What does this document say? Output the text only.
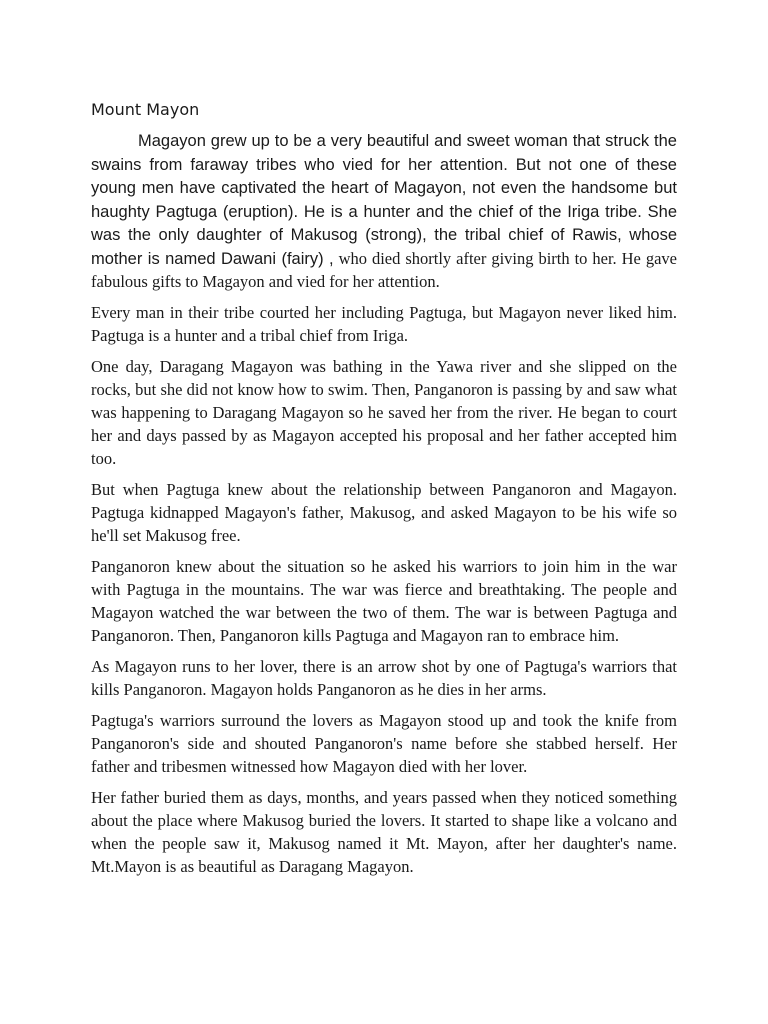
Mount Mayon

Magayon grew up to be a very beautiful and sweet woman that struck the swains from faraway tribes who vied for her attention. But not one of these young men have captivated the heart of Magayon, not even the handsome but haughty Pagtuga (eruption). He is a hunter and the chief of the Iriga tribe. She was the only daughter of Makusog (strong), the tribal chief of Rawis, whose mother is named Dawani (fairy) , who died shortly after giving birth to her. He gave fabulous gifts to Magayon and vied for her attention.

Every man in their tribe courted her including Pagtuga, but Magayon never liked him. Pagtuga is a hunter and a tribal chief from Iriga.

One day, Daragang Magayon was bathing in the Yawa river and she slipped on the rocks, but she did not know how to swim. Then, Panganoron is passing by and saw what was happening to Daragang Magayon so he saved her from the river. He began to court her and days passed by as Magayon accepted his proposal and her father accepted him too.

But when Pagtuga knew about the relationship between Panganoron and Magayon. Pagtuga kidnapped Magayon's father, Makusog, and asked Magayon to be his wife so he'll set Makusog free.

Panganoron knew about the situation so he asked his warriors to join him in the war with Pagtuga in the mountains. The war was fierce and breathtaking. The people and Magayon watched the war between the two of them. The war is between Pagtuga and Panganoron. Then, Panganoron kills Pagtuga and Magayon ran to embrace him.

As Magayon runs to her lover, there is an arrow shot by one of Pagtuga's warriors that kills Panganoron. Magayon holds Panganoron as he dies in her arms.

Pagtuga's warriors surround the lovers as Magayon stood up and took the knife from Panganoron's side and shouted Panganoron's name before she stabbed herself. Her father and tribesmen witnessed how Magayon died with her lover.

Her father buried them as days, months, and years passed when they noticed something about the place where Makusog buried the lovers. It started to shape like a volcano and when the people saw it, Makusog named it Mt. Mayon, after her daughter's name. Mt.Mayon is as beautiful as Daragang Magayon.
